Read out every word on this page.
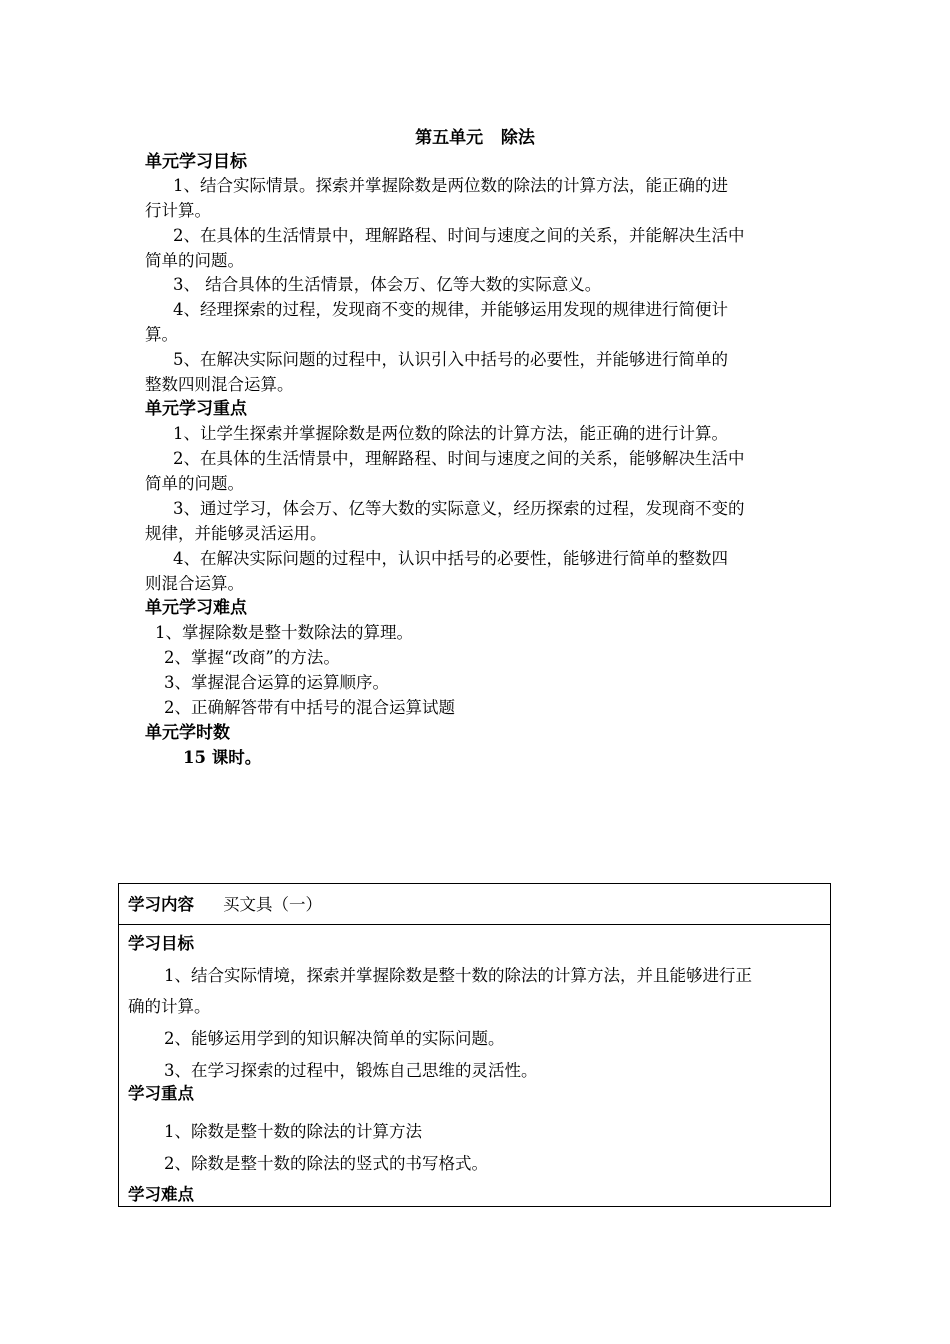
第五单元   除法
单元学习目标
1、结合实际情景。探索并掌握除数是两位数的除法的计算方法，能正确的进
行计算。
2、在具体的生活情景中，理解路程、时间与速度之间的关系，并能解决生活中
简单的问题。
3、 结合具体的生活情景，体会万、亿等大数的实际意义。
4、经理探索的过程，发现商不变的规律，并能够运用发现的规律进行简便计
算。
5、在解决实际问题的过程中，认识引入中括号的必要性，并能够进行简单的
整数四则混合运算。
单元学习重点
1、让学生探索并掌握除数是两位数的除法的计算方法，能正确的进行计算。
2、在具体的生活情景中，理解路程、时间与速度之间的关系，能够解决生活中
简单的问题。
3、通过学习，体会万、亿等大数的实际意义，经历探索的过程，发现商不变的
规律，并能够灵活运用。
4、在解决实际问题的过程中，认识中括号的必要性，能够进行简单的整数四
则混合运算。
单元学习难点
1、掌握除数是整十数除法的算理。
2、掌握“改商”的方法。
3、掌握混合运算的运算顺序。
2、正确解答带有中括号的混合运算试题
单元学时数
15 课时。
学习内容 买文具（一）
学习目标
1、结合实际情境，探索并掌握除数是整十数的除法的计算方法，并且能够进行正
确的计算。
2、能够运用学到的知识解决简单的实际问题。
3、在学习探索的过程中，锻炼自己思维的灵活性。
学习重点
1、除数是整十数的除法的计算方法
2、除数是整十数的除法的竖式的书写格式。
学习难点
